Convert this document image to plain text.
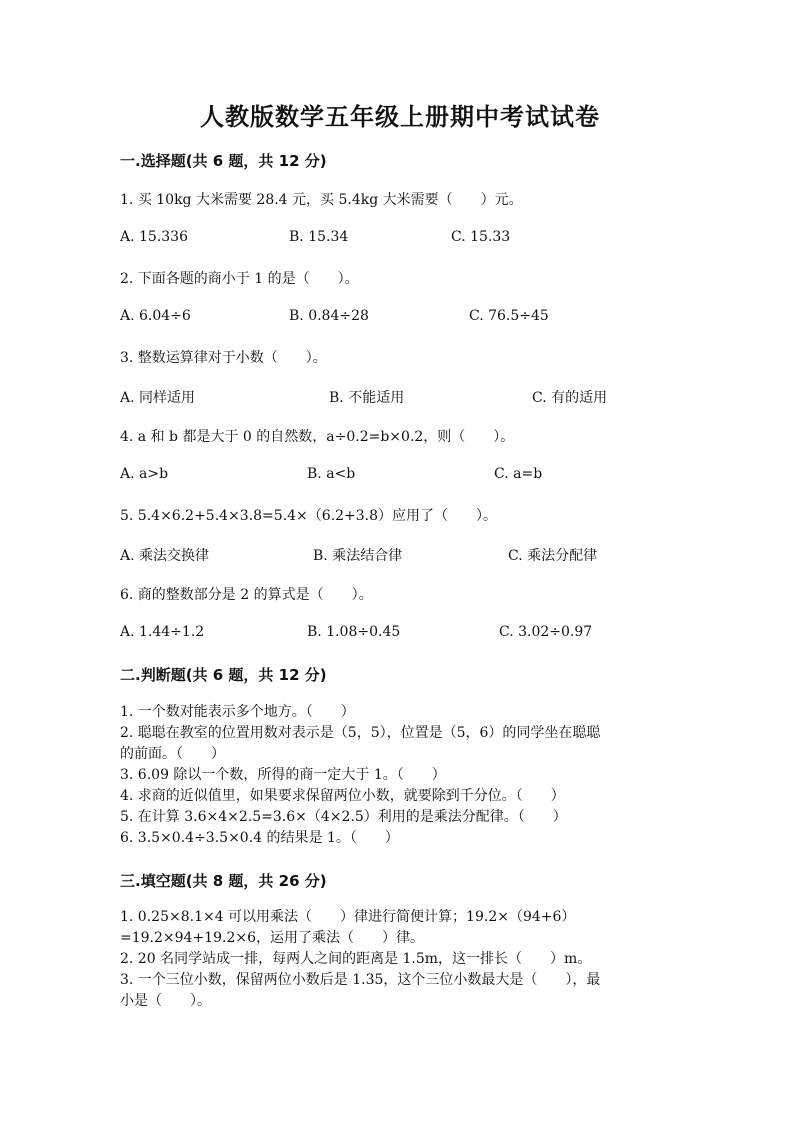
人教版数学五年级上册期中考试试卷
一.选择题(共 6 题，共 12 分)
1. 买 10kg 大米需要 28.4 元，买 5.4kg 大米需要（　　）元。
A. 15.336	B. 15.34	C. 15.33
2. 下面各题的商小于 1 的是（　　）。
A. 6.04÷6	B. 0.84÷28	C. 76.5÷45
3. 整数运算律对于小数（　　）。
A. 同样适用	B. 不能适用	C. 有的适用
4. a 和 b 都是大于 0 的自然数，a÷0.2=b×0.2，则（　　）。
A. a>b	B. a<b	C. a=b
5. 5.4×6.2+5.4×3.8=5.4×（6.2+3.8）应用了（　　）。
A. 乘法交换律	B. 乘法结合律	C. 乘法分配律
6. 商的整数部分是 2 的算式是（　　）。
A. 1.44÷1.2	B. 1.08÷0.45	C. 3.02÷0.97
二.判断题(共 6 题，共 12 分)
1. 一个数对能表示多个地方。（　　）
2. 聪聪在教室的位置用数对表示是（5，5），位置是（5，6）的同学坐在聪聪
的前面。（　　）
3. 6.09 除以一个数，所得的商一定大于 1。（　　）
4. 求商的近似值里，如果要求保留两位小数，就要除到千分位。（　　）
5. 在计算 3.6×4×2.5=3.6×（4×2.5）利用的是乘法分配律。（　　）
6. 3.5×0.4÷3.5×0.4 的结果是 1。（　　）
三.填空题(共 8 题，共 26 分)
1. 0.25×8.1×4 可以用乘法（　　）律进行简便计算；19.2×（94+6）
=19.2×94+19.2×6，运用了乘法（　　）律。
2. 20 名同学站成一排，每两人之间的距离是 1.5m，这一排长（　　）m。
3. 一个三位小数，保留两位小数后是 1.35，这个三位小数最大是（　　），最
小是（　　）。
